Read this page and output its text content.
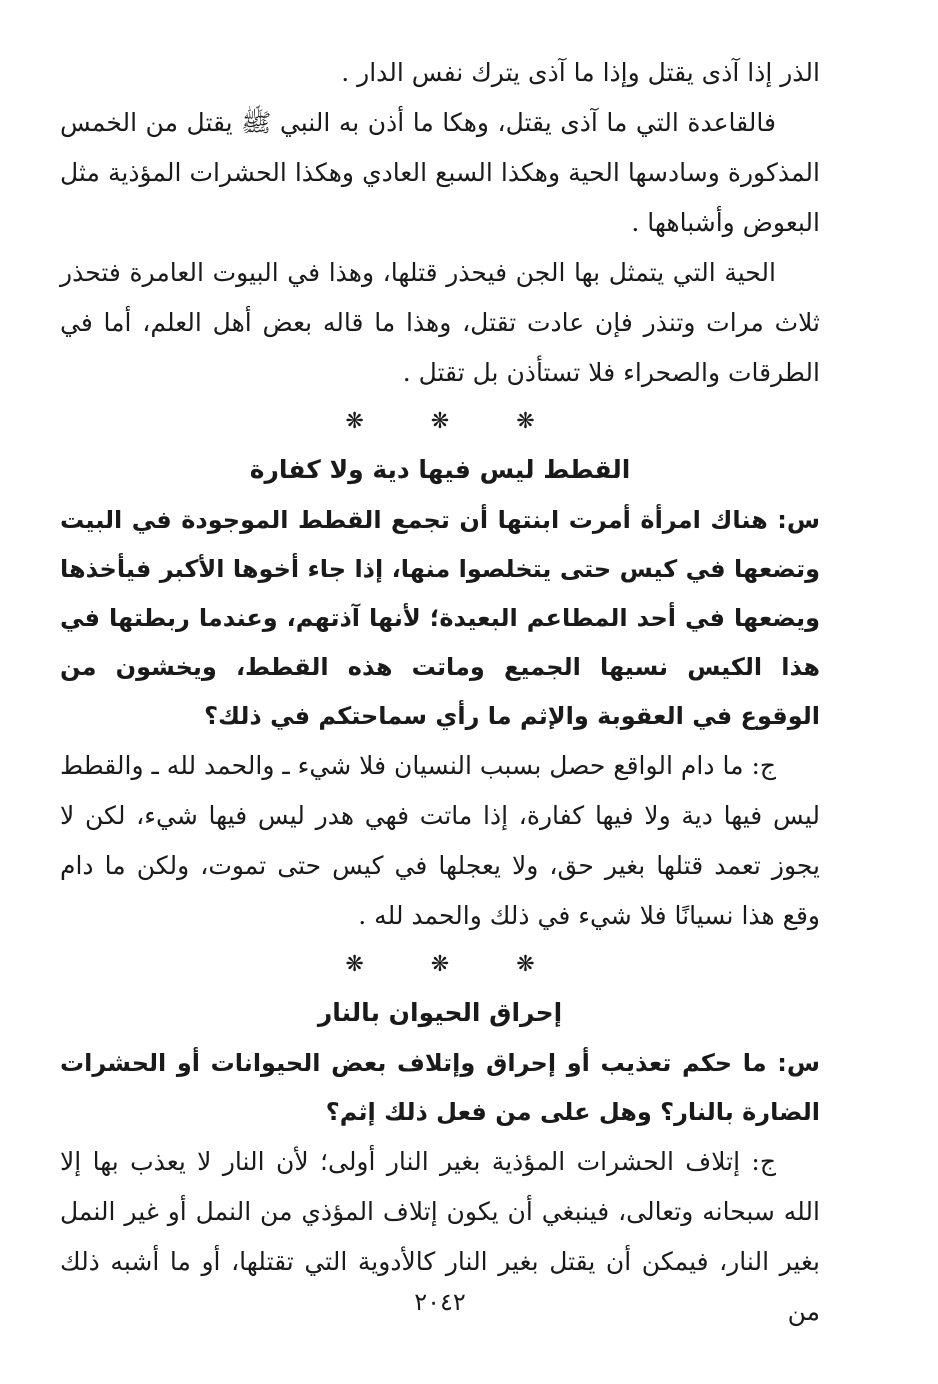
الذر إذا آذى يقتل وإذا ما آذى يترك نفس الدار .

فالقاعدة التي ما آذى يقتل، وهكا ما أذن به النبي ﷺ يقتل من الخمس المذكورة وسادسها الحية وهكذا السبع العادي وهكذا الحشرات المؤذية مثل البعوض وأشباهها .

الحية التي يتمثل بها الجن فيحذر قتلها، وهذا في البيوت العامرة فتحذر ثلاث مرات وتنذر فإن عادت تقتل، وهذا ما قاله بعض أهل العلم، أما في الطرقات والصحراء فلا تستأذن بل تقتل .

❋ ❋ ❋
القطط ليس فيها دية ولا كفارة

س: هناك امرأة أمرت ابنتها أن تجمع القطط الموجودة في البيت وتضعها في كيس حتى يتخلصوا منها، إذا جاء أخوها الأكبر فيأخذها ويضعها في أحد المطاعم البعيدة؛ لأنها آذتهم، وعندما ربطتها في هذا الكيس نسيها الجميع وماتت هذه القطط، ويخشون من الوقوع في العقوبة والإثم ما رأي سماحتكم في ذلك؟

ج: ما دام الواقع حصل بسبب النسيان فلا شيء ـ والحمد لله ـ والقطط ليس فيها دية ولا فيها كفارة، إذا ماتت فهي هدر ليس فيها شيء، لكن لا يجوز تعمد قتلها بغير حق، ولا يعجلها في كيس حتى تموت، ولكن ما دام وقع هذا نسيانًا فلا شيء في ذلك والحمد لله .

❋ ❋ ❋
إحراق الحيوان بالنار

س: ما حكم تعذيب أو إحراق وإتلاف بعض الحيوانات أو الحشرات الضارة بالنار؟ وهل على من فعل ذلك إثم؟

ج: إتلاف الحشرات المؤذية بغير النار أولى؛ لأن النار لا يعذب بها إلا الله سبحانه وتعالى، فينبغي أن يكون إتلاف المؤذي من النمل أو غير النمل بغير النار، فيمكن أن يقتل بغير النار كالأدوية التي تقتلها، أو ما أشبه ذلك من

٢٠٤٢
